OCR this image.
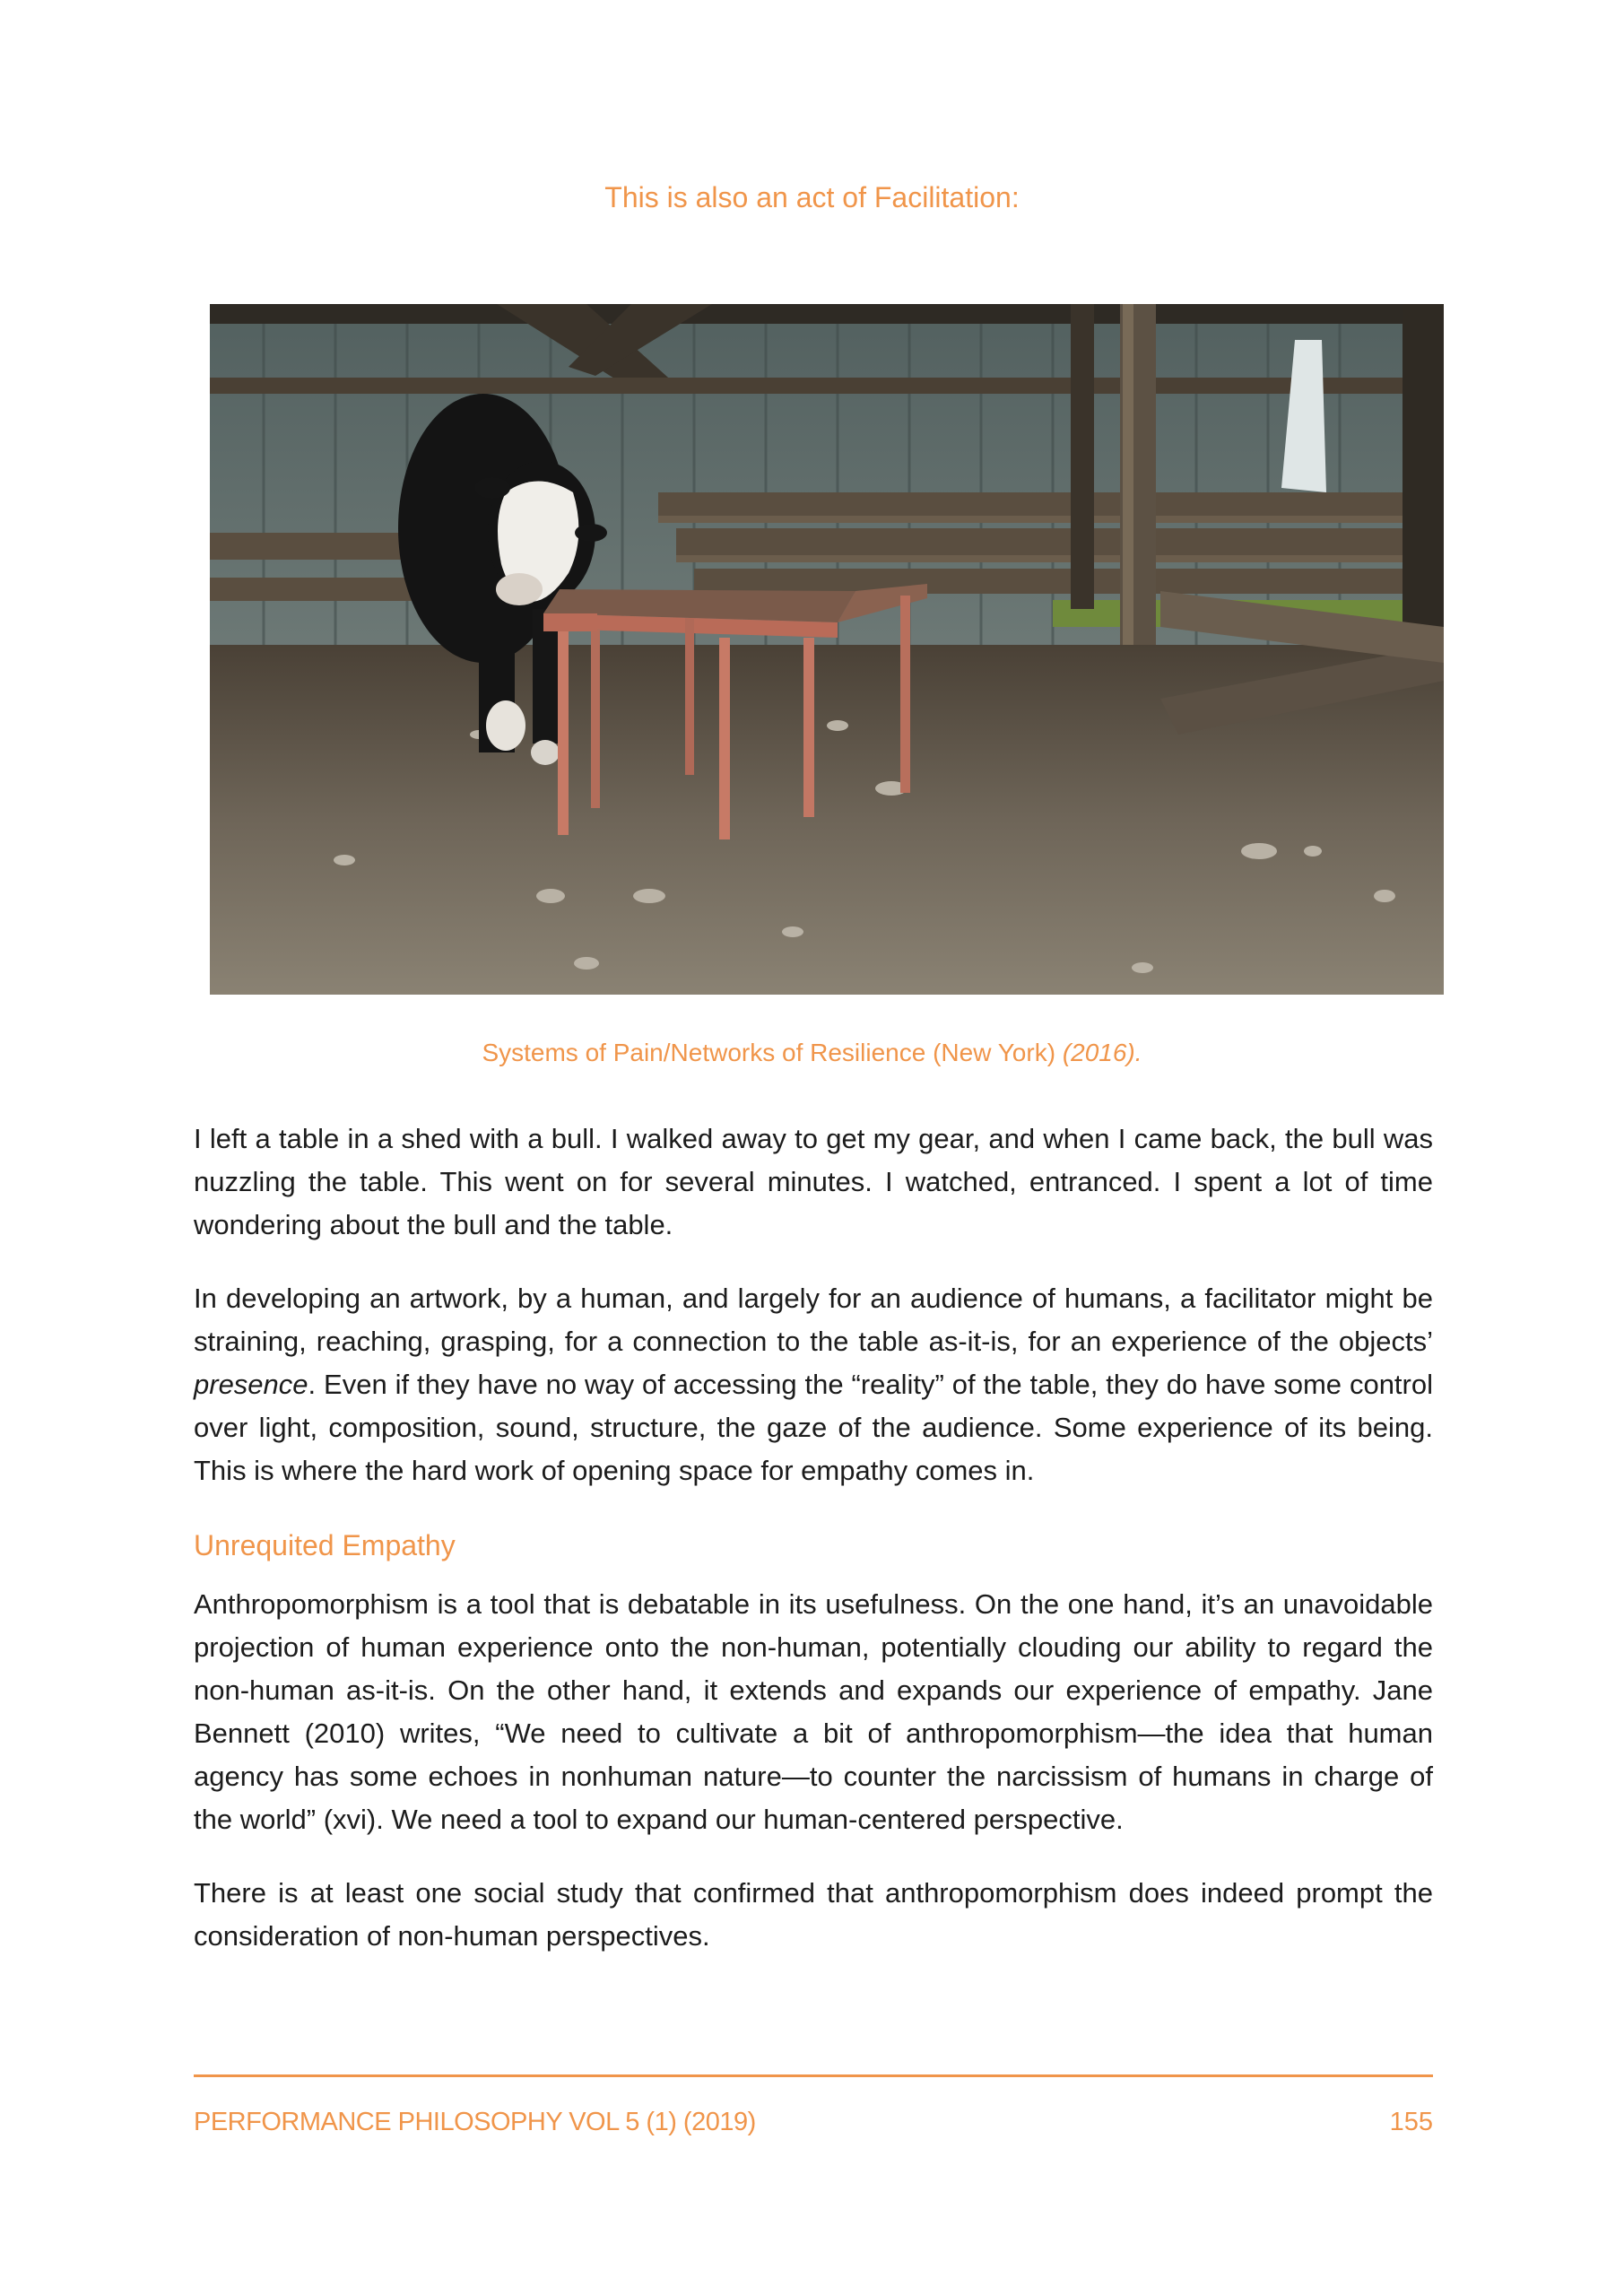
This is also an act of Facilitation:
Systems of Pain/Networks of Resilience (New York) (2016).

I left a table in a shed with a bull. I walked away to get my gear, and when I came back, the bull was nuzzling the table. This went on for several minutes. I watched, entranced. I spent a lot of time wondering about the bull and the table.

In developing an artwork, by a human, and largely for an audience of humans, a facilitator might be straining, reaching, grasping, for a connection to the table as-it-is, for an experience of the objects’ presence. Even if they have no way of accessing the “reality” of the table, they do have some control over light, composition, sound, structure, the gaze of the audience. Some experience of its being. This is where the hard work of opening space for empathy comes in.

Unrequited Empathy

Anthropomorphism is a tool that is debatable in its usefulness. On the one hand, it’s an unavoidable projection of human experience onto the non-human, potentially clouding our ability to regard the non-human as-it-is. On the other hand, it extends and expands our experience of empathy. Jane Bennett (2010) writes, “We need to cultivate a bit of anthropomorphism—the idea that human agency has some echoes in nonhuman nature—to counter the narcissism of humans in charge of the world” (xvi). We need a tool to expand our human-centered perspective.

There is at least one social study that confirmed that anthropomorphism does indeed prompt the consideration of non-human perspectives.

PERFORMANCE PHILOSOPHY VOL 5 (1) (2019)	155
